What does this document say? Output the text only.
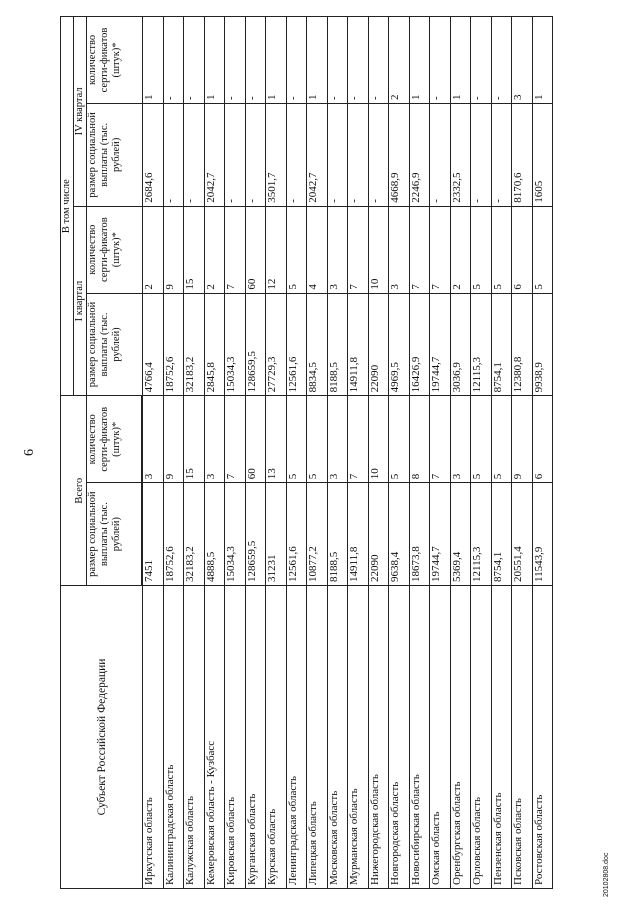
6
Субъект Российской Федерации	Всего		В том числе			
			I квартал		IV квартал	
	размер социальной выплаты (тыс. рублей)	количество серти-фикатов (штук)*	размер социальной выплаты (тыс. рублей)	количество серти-фикатов (штук)*	размер социальной выплаты (тыс. рублей)	количество серти-фикатов (штук)*

Иркутская область	7451	3	4766,4	2	2684,6	1
Калининградская область	18752,6	9	18752,6	9	-	-
Калужская область	32183,2	15	32183,2	15	-	-
Кемеровская область - Кузбасс	4888,5	3	2845,8	2	2042,7	1
Кировская область	15034,3	7	15034,3	7	-	-
Курганская область	128659,5	60	128659,5	60	-	-
Курская область	31231	13	27729,3	12	3501,7	1
Ленинградская область	12561,6	5	12561,6	5	-	-
Липецкая область	10877,2	5	8834,5	4	2042,7	1
Московская область	8188,5	3	8188,5	3	-	-
Мурманская область	14911,8	7	14911,8	7	-	-
Нижегородская область	22090	10	22090	10	-	-
Новгородская область	9638,4	5	4969,5	3	4668,9	2
Новосибирская область	18673,8	8	16426,9	7	2246,9	1
Омская область	19744,7	7	19744,7	7	-	-
Оренбургская область	5369,4	3	3036,9	2	2332,5	1
Орловская область	12115,3	5	12115,3	5	-	-
Пензенская область	8754,1	5	8754,1	5	-	-
Псковская область	20551,4	9	12380,8	6	8170,6	3
Ростовская область	11543,9	6	9938,9	5	1605	1
20102808.doc
